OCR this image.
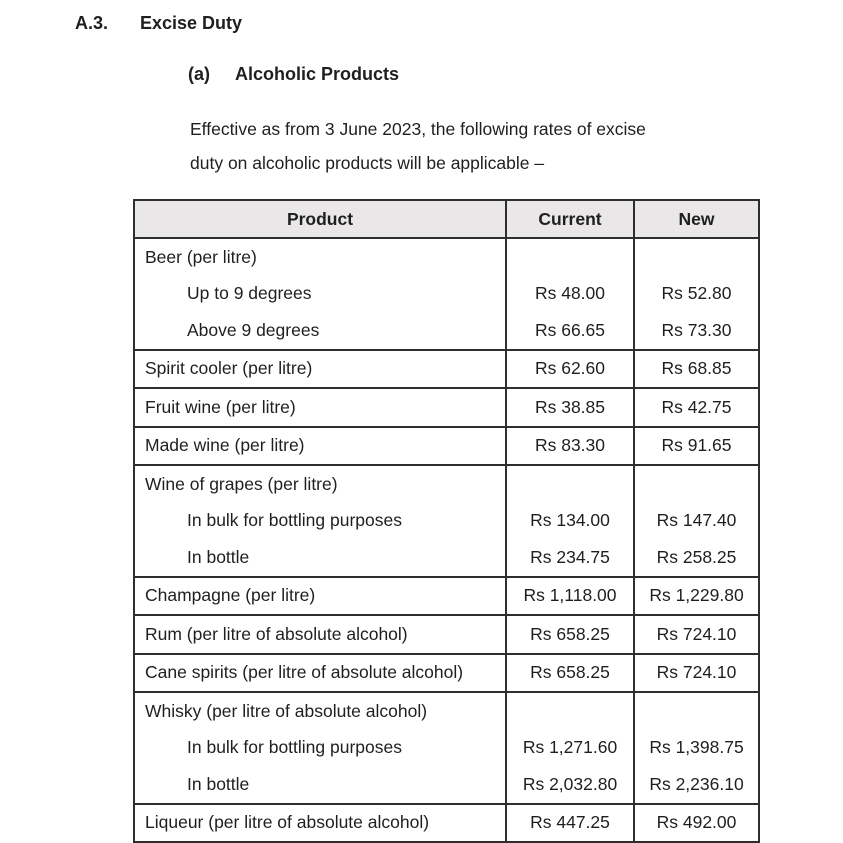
A.3.	Excise Duty
(a)	Alcoholic Products
Effective as from 3 June 2023, the following rates of excise
duty on alcoholic products will be applicable –
Product	Current	New
Beer (per litre)		
Up to 9 degrees	Rs 48.00	Rs 52.80
Above 9 degrees	Rs 66.65	Rs 73.30
Spirit cooler (per litre)	Rs 62.60	Rs 68.85
Fruit wine (per litre)	Rs 38.85	Rs 42.75
Made wine (per litre)	Rs 83.30	Rs 91.65
Wine of grapes (per litre)		
In bulk for bottling purposes	Rs 134.00	Rs 147.40
In bottle	Rs 234.75	Rs 258.25
Champagne (per litre)	Rs 1,118.00	Rs 1,229.80
Rum (per litre of absolute alcohol)	Rs 658.25	Rs 724.10
Cane spirits (per litre of absolute alcohol)	Rs 658.25	Rs 724.10
Whisky (per litre of absolute alcohol)		
In bulk for bottling purposes	Rs 1,271.60	Rs 1,398.75
In bottle	Rs 2,032.80	Rs 2,236.10
Liqueur (per litre of absolute alcohol)	Rs 447.25	Rs 492.00
